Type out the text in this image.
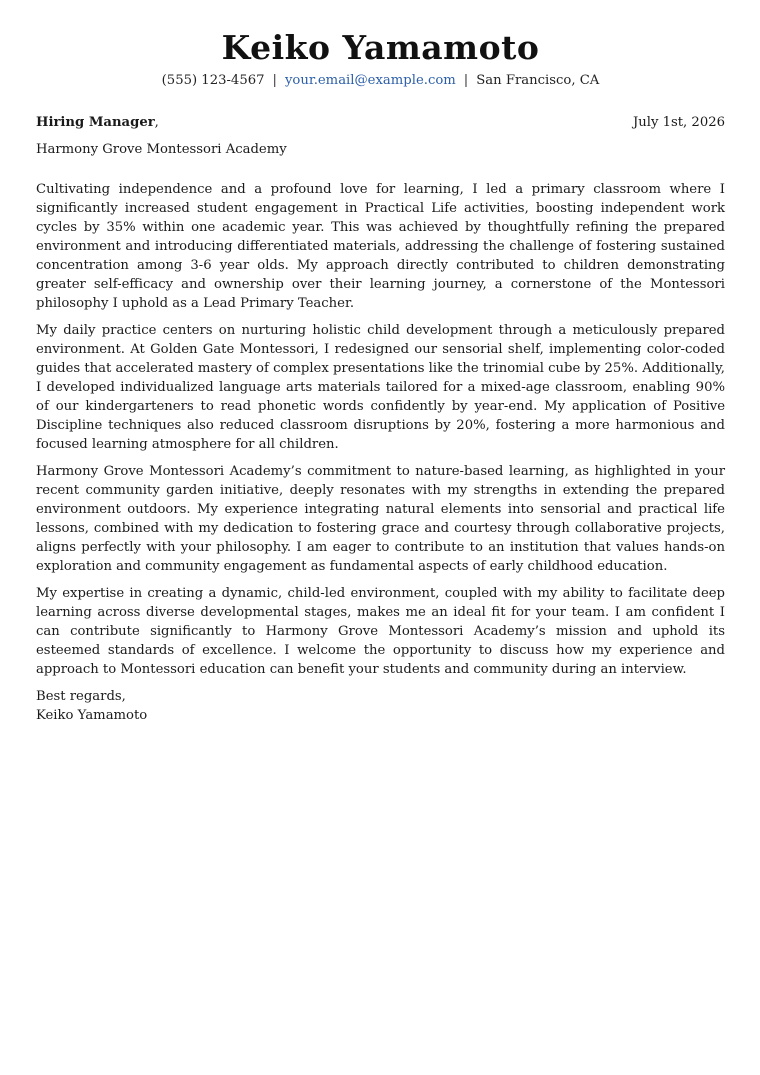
Keiko Yamamoto
(555) 123-4567 | your.email@example.com | San Francisco, CA
Hiring Manager,	July 1st, 2026
Harmony Grove Montessori Academy

Cultivating independence and a profound love for learning, I led a primary classroom where I significantly increased student engagement in Practical Life activities, boosting independent work cycles by 35% within one academic year. This was achieved by thoughtfully refining the prepared environment and introducing differentiated materials, addressing the challenge of fostering sustained concentration among 3-6 year olds. My approach directly contributed to children demonstrating greater self-efficacy and ownership over their learning journey, a cornerstone of the Montessori philosophy I uphold as a Lead Primary Teacher.

My daily practice centers on nurturing holistic child development through a meticulously prepared environment. At Golden Gate Montessori, I redesigned our sensorial shelf, implementing color-coded guides that accelerated mastery of complex presentations like the trinomial cube by 25%. Additionally, I developed individualized language arts materials tailored for a mixed-age classroom, enabling 90% of our kindergarteners to read phonetic words confidently by year-end. My application of Positive Discipline techniques also reduced classroom disruptions by 20%, fostering a more harmonious and focused learning atmosphere for all children.

Harmony Grove Montessori Academy’s commitment to nature-based learning, as highlighted in your recent community garden initiative, deeply resonates with my strengths in extending the prepared environment outdoors. My experience integrating natural elements into sensorial and practical life lessons, combined with my dedication to fostering grace and courtesy through collaborative projects, aligns perfectly with your philosophy. I am eager to contribute to an institution that values hands-on exploration and community engagement as fundamental aspects of early childhood education.

My expertise in creating a dynamic, child-led environment, coupled with my ability to facilitate deep learning across diverse developmental stages, makes me an ideal fit for your team. I am confident I can contribute significantly to Harmony Grove Montessori Academy’s mission and uphold its esteemed standards of excellence. I welcome the opportunity to discuss how my experience and approach to Montessori education can benefit your students and community during an interview.

Best regards,
Keiko Yamamoto
